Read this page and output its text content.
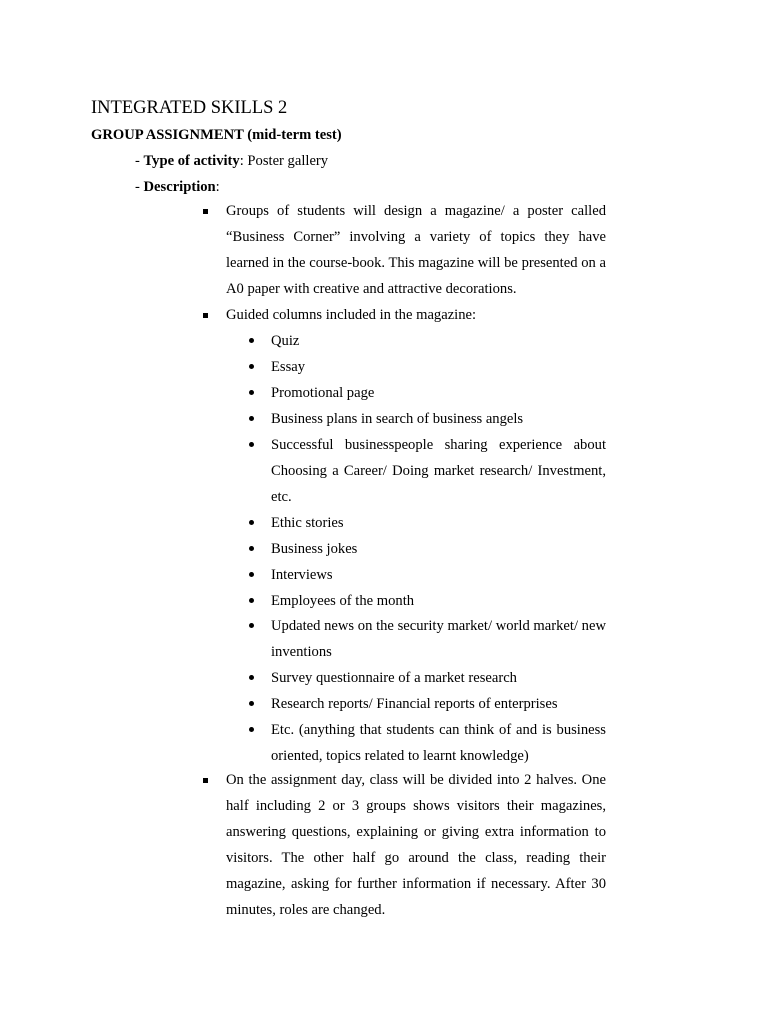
INTEGRATED SKILLS 2
GROUP ASSIGNMENT (mid-term test)
- Type of activity: Poster gallery
- Description:
Groups of students will design a magazine/ a poster called “Business Corner” involving a variety of topics they have learned in the course-book. This magazine will be presented on a A0 paper with creative and attractive decorations.
Guided columns included in the magazine:
Quiz
Essay
Promotional page
Business plans in search of business angels
Successful businesspeople sharing experience about Choosing a Career/ Doing market research/ Investment, etc.
Ethic stories
Business jokes
Interviews
Employees of the month
Updated news on the security market/ world market/ new inventions
Survey questionnaire of a market research
Research reports/ Financial reports of enterprises
Etc. (anything that students can think of and is business oriented, topics related to learnt knowledge)
On the assignment day, class will be divided into 2 halves. One half including 2 or 3 groups shows visitors their magazines, answering questions, explaining or giving extra information to visitors. The other half go around the class, reading their magazine, asking for further information if necessary. After 30 minutes, roles are changed.
